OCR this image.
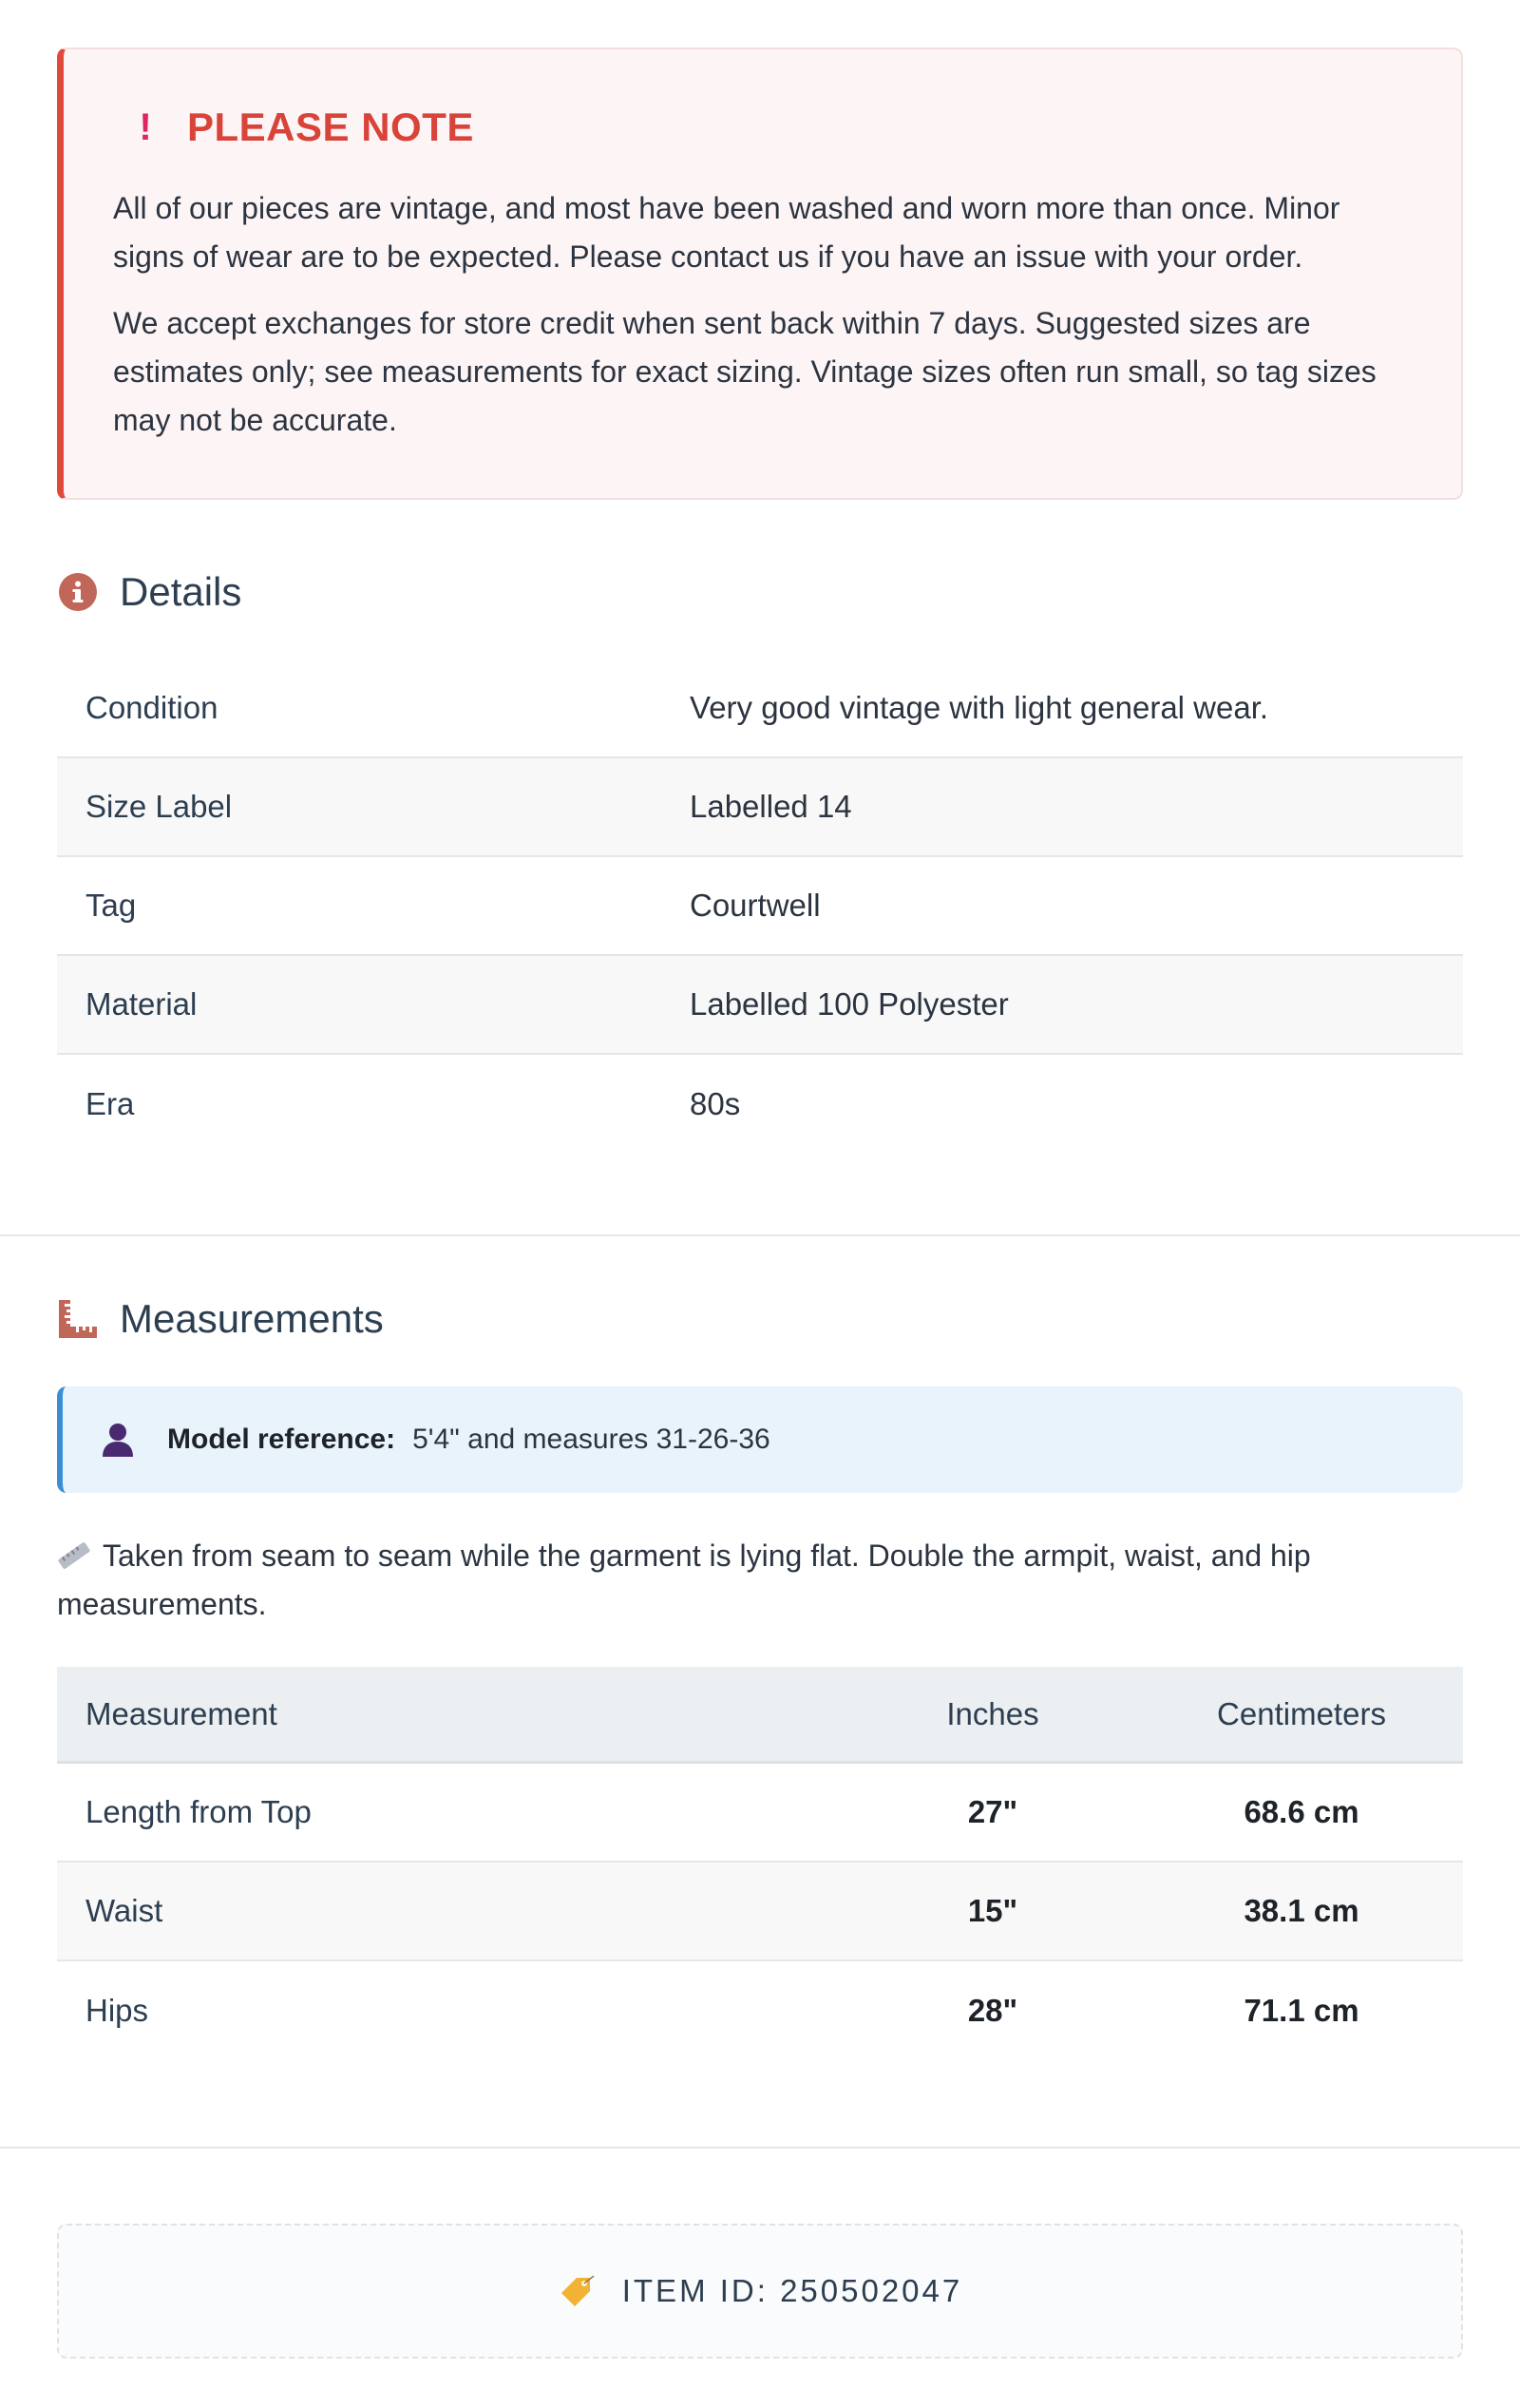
! PLEASE NOTE

All of our pieces are vintage, and most have been washed and worn more than once. Minor signs of wear are to be expected. Please contact us if you have an issue with your order.

We accept exchanges for store credit when sent back within 7 days. Suggested sizes are estimates only; see measurements for exact sizing. Vintage sizes often run small, so tag sizes may not be accurate.

Details
Condition	Very good vintage with light general wear.
Size Label	Labelled 14
Tag	Courtwell
Material	Labelled 100 Polyester
Era	80s
Measurements
Model reference: 5'4" and measures 31-26-36
Taken from seam to seam while the garment is lying flat. Double the armpit, waist, and hip measurements.
Measurement	Inches	Centimeters
Length from Top	27"	68.6 cm
Waist	15"	38.1 cm
Hips	28"	71.1 cm
ITEM ID: 250502047
